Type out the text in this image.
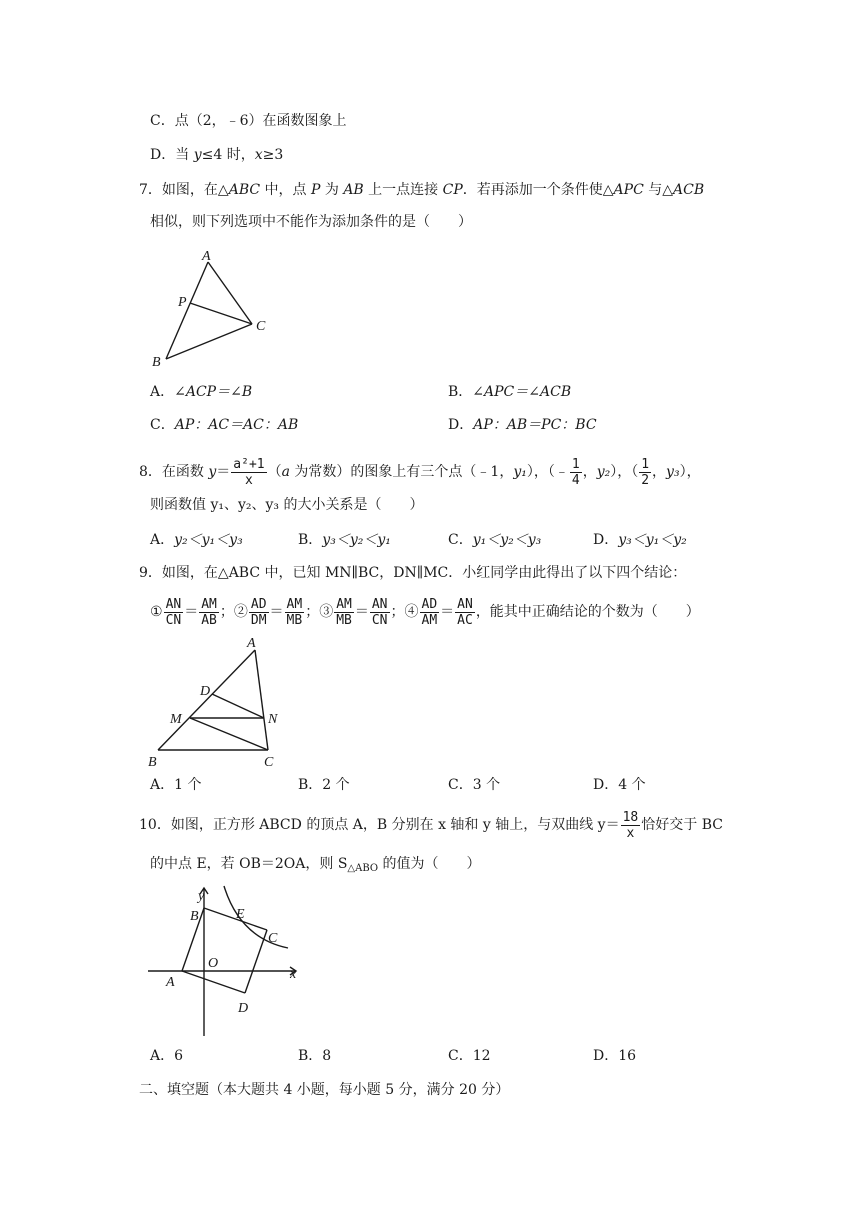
C．点（2，﹣6）在函数图象上
D．当 y≤4 时，x≥3
7．如图，在△ABC 中，点 P 为 AB 上一点连接 CP．若再添加一个条件使△APC 与△ACB
相似，则下列选项中不能作为添加条件的是（　　）
A
P
B
C
A．∠ACP＝∠B	B．∠APC＝∠ACB
C．AP：AC＝AC：AB	D．AP：AB＝PC：BC
8．在函数 $y= \frac{\text{a²+1}}{x} (a$ 为常数）的图象上有三个点（﹣1，y₁），（﹣ $\frac{1}{4}$ ，y₂），（ $\frac{1}{2}$ ，y₃），
则函数值 y₁、y₂、y₃ 的大小关系是（　　）
A．y₂＜y₁＜y₃	B．y₃＜y₂＜y₁	C．y₁＜y₂＜y₃	D．y₃＜y₁＜y₂
9．如图，在△ABC 中，已知 MN∥BC，DN∥MC．小红同学由此得出了以下四个结论：
① $\frac{AN}{CN} = \frac{AM}{AB}$ ；② $\frac{AD}{DM} = \frac{AM}{MB}$ ；③ $\frac{AM}{MB} = \frac{AN}{CN}$ ；④ $\frac{AD}{AM} = \frac{AN}{AC}$ ，能其中正确结论的个数为（　　）
A
D
M	N
B	C
A．1 个	B．2 个	C．3 个	D．4 个
10．如图，正方形 ABCD 的顶点 A，B 分别在 x 轴和 y 轴上，与双曲线 $y= \frac{18}{x}$ 恰好交于 BC
的中点 E，若 OB＝2OA，则 $S_{\triangle ABO}$ 的值为（　　）
y
x
B	E
C
O
A
D
A．6	B．8	C．12	D．16
二、填空题（本大题共 4 小题，每小题 5 分，满分 20 分）
